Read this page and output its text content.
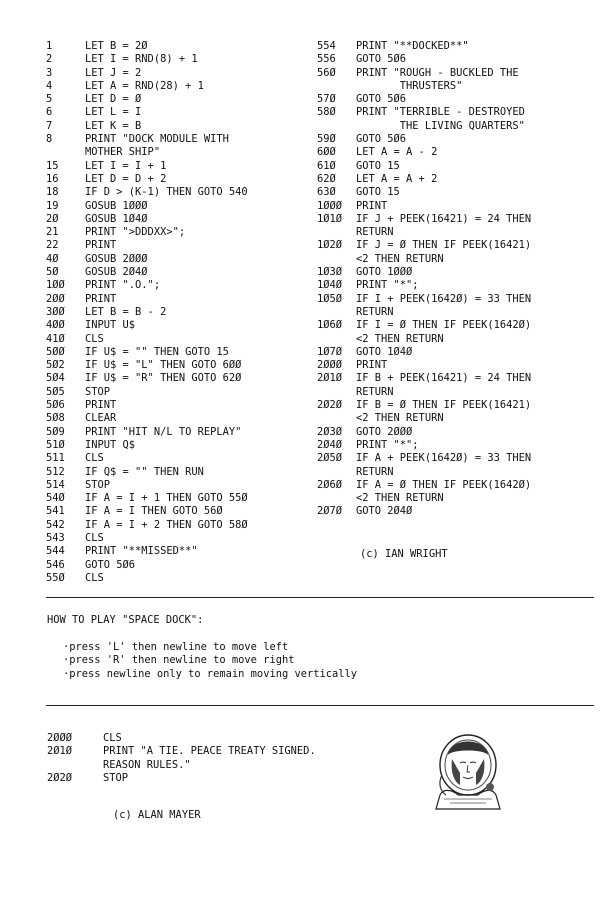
1	LET B = 2Ø
2	LET I = RND(8) + 1
3	LET J = 2
4	LET A = RND(28) + 1
5	LET D = Ø
6	LET L = I
7	LET K = B
8	PRINT "DOCK MODULE WITH
MOTHER SHIP"
15	LET I = I + 1
16	LET D = D + 2
18	IF D > (K-1) THEN GOTO 540
19	GOSUB 1ØØØ
2Ø	GOSUB 1Ø4Ø
21	PRINT ">DDDXX>";
22	PRINT
4Ø	GOSUB 2ØØØ
5Ø	GOSUB 2Ø4Ø
1ØØ	PRINT ".O.";
2ØØ	PRINT
3ØØ	LET B = B - 2
4ØØ	INPUT U$
41Ø	CLS
5ØØ	IF U$ = "" THEN GOTO 15
5Ø2	IF U$ = "L" THEN GOTO 6ØØ
5Ø4	IF U$ = "R" THEN GOTO 62Ø
5Ø5	STOP
5Ø6	PRINT
5Ø8	CLEAR
5Ø9	PRINT "HIT N/L TO REPLAY"
51Ø	INPUT Q$
511	CLS
512	IF Q$ = "" THEN RUN
514	STOP
54Ø	IF A = I + 1 THEN GOTO 55Ø
541	IF A = I THEN GOTO 56Ø
542	IF A = I + 2 THEN GOTO 58Ø
543	CLS
544	PRINT "**MISSED**"
546	GOTO 5Ø6
55Ø	CLS
554	PRINT "**DOCKED**"
556	GOTO 5Ø6
56Ø	PRINT "ROUGH - BUCKLED THE
THRUSTERS"
57Ø	GOTO 5Ø6
58Ø	PRINT "TERRIBLE - DESTROYED
THE LIVING QUARTERS"
59Ø	GOTO 5Ø6
6ØØ	LET A = A - 2
61Ø	GOTO 15
62Ø	LET A = A + 2
63Ø	GOTO 15
1ØØØ	PRINT
1Ø1Ø	IF J + PEEK(16421) = 24 THEN
RETURN
1Ø2Ø	IF J = Ø THEN IF PEEK(16421)
<2 THEN RETURN
1Ø3Ø	GOTO 1ØØØ
1Ø4Ø	PRINT "*";
1Ø5Ø	IF I + PEEK(1642Ø) = 33 THEN
RETURN
1Ø6Ø	IF I = Ø THEN IF PEEK(1642Ø)
<2 THEN RETURN
1Ø7Ø	GOTO 1Ø4Ø
2ØØØ	PRINT
2Ø1Ø	IF B + PEEK(16421) = 24 THEN
RETURN
2Ø2Ø	IF B = Ø THEN IF PEEK(16421)
<2 THEN RETURN
2Ø3Ø	GOTO 2ØØØ
2Ø4Ø	PRINT "*";
2Ø5Ø	IF A + PEEK(1642Ø) = 33 THEN
RETURN
2Ø6Ø	IF A = Ø THEN IF PEEK(1642Ø)
<2 THEN RETURN
2Ø7Ø	GOTO 2Ø4Ø
(c) IAN WRIGHT
HOW TO PLAY "SPACE DOCK":
· press 'L' then newline to move left
· press 'R' then newline to move right
· press newline only to remain moving vertically
2ØØØ	CLS
2Ø1Ø	PRINT "A TIE. PEACE TREATY SIGNED.
REASON RULES."
2Ø2Ø	STOP
(c) ALAN MAYER
